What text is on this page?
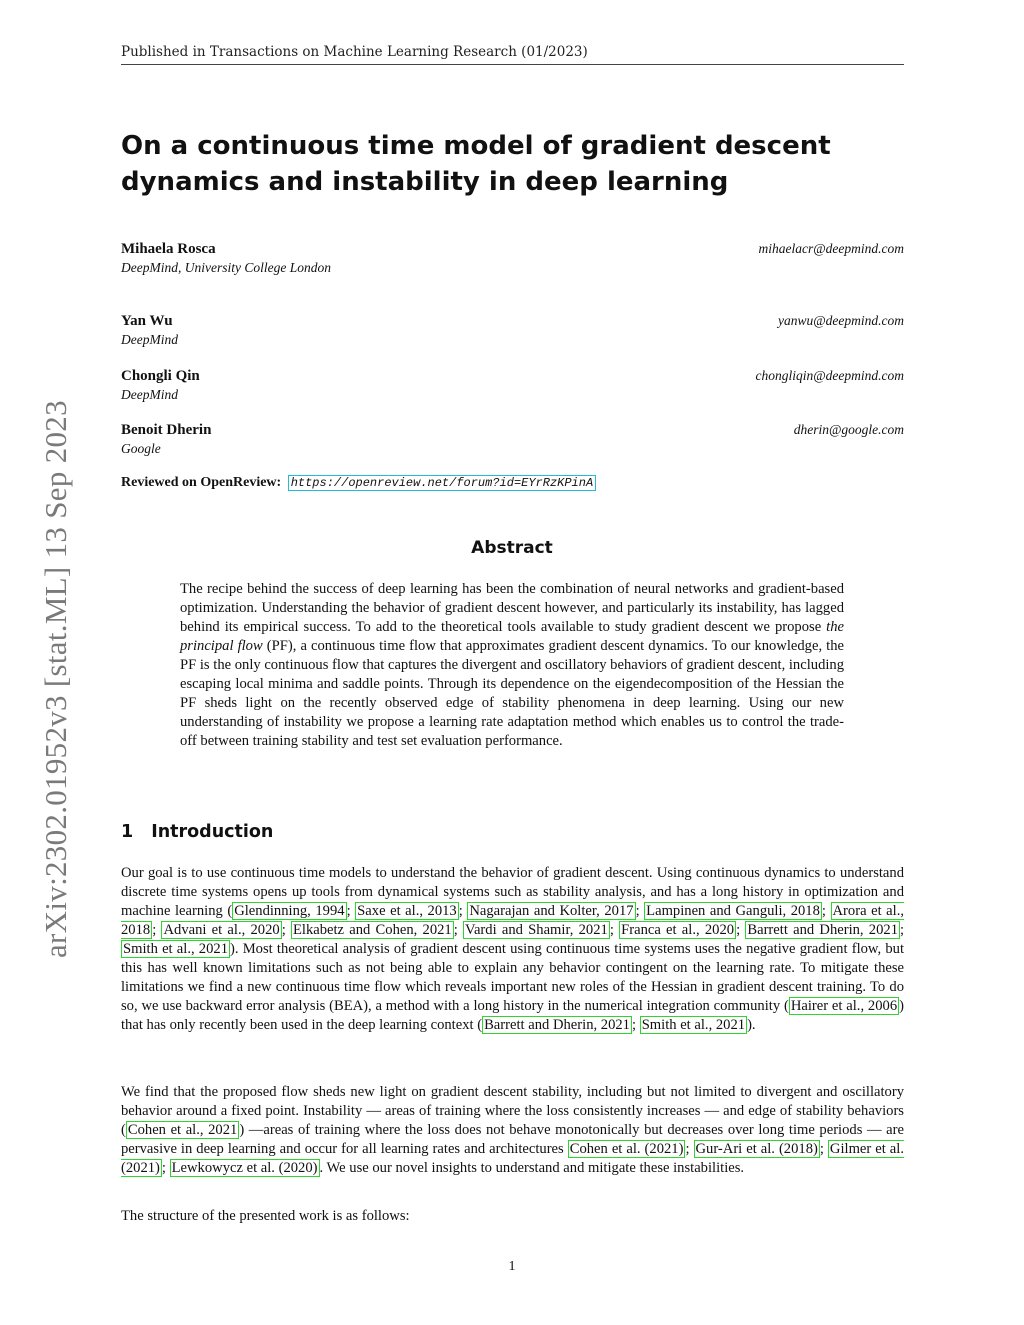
Published in Transactions on Machine Learning Research (01/2023)
On a continuous time model of gradient descent dynamics and instability in deep learning
Mihaela Rosca
DeepMind, University College London
mihaelacr@deepmind.com
Yan Wu
DeepMind
yanwu@deepmind.com
Chongli Qin
DeepMind
chongliqin@deepmind.com
Benoit Dherin
Google
dherin@google.com
Reviewed on OpenReview: https://openreview.net/forum?id=EYrRzKPinA
Abstract

The recipe behind the success of deep learning has been the combination of neural networks and gradient-based optimization. Understanding the behavior of gradient descent however, and particularly its instability, has lagged behind its empirical success. To add to the theoretical tools available to study gradient descent we propose the principal flow (PF), a continuous time flow that approximates gradient descent dynamics. To our knowledge, the PF is the only continuous flow that captures the divergent and oscillatory behaviors of gradient descent, including escaping local minima and saddle points. Through its dependence on the eigendecomposition of the Hessian the PF sheds light on the recently observed edge of stability phenomena in deep learning. Using our new understanding of instability we propose a learning rate adaptation method which enables us to control the trade-off between training stability and test set evaluation performance.

1 Introduction

Our goal is to use continuous time models to understand the behavior of gradient descent. Using continuous dynamics to understand discrete time systems opens up tools from dynamical systems such as stability analysis, and has a long history in optimization and machine learning ( Glendinning, 1994 ; Saxe et al., 2013 ; Nagarajan and Kolter, 2017 ; Lampinen and Ganguli, 2018 ; Arora et al., 2018 ; Advani et al., 2020 ; Elkabetz and Cohen, 2021 ; Vardi and Shamir, 2021 ; Franca et al., 2020 ; Barrett and Dherin, 2021 ; Smith et al., 2021 ). Most theoretical analysis of gradient descent using continuous time systems uses the negative gradient flow, but this has well known limitations such as not being able to explain any behavior contingent on the learning rate. To mitigate these limitations we find a new continuous time flow which reveals important new roles of the Hessian in gradient descent training. To do so, we use backward error analysis (BEA), a method with a long history in the numerical integration community ( Hairer et al., 2006 ) that has only recently been used in the deep learning context ( Barrett and Dherin, 2021 ; Smith et al., 2021 ).

We find that the proposed flow sheds new light on gradient descent stability, including but not limited to divergent and oscillatory behavior around a fixed point. Instability — areas of training where the loss consistently increases — and edge of stability behaviors ( Cohen et al., 2021 ) —areas of training where the loss does not behave monotonically but decreases over long time periods — are pervasive in deep learning and occur for all learning rates and architectures Cohen et al. (2021) ; Gur-Ari et al. (2018) ; Gilmer et al. (2021) ; Lewkowycz et al. (2020) . We use our novel insights to understand and mitigate these instabilities.

The structure of the presented work is as follows:

1
arXiv:2302.01952v3 [stat.ML] 13 Sep 2023
